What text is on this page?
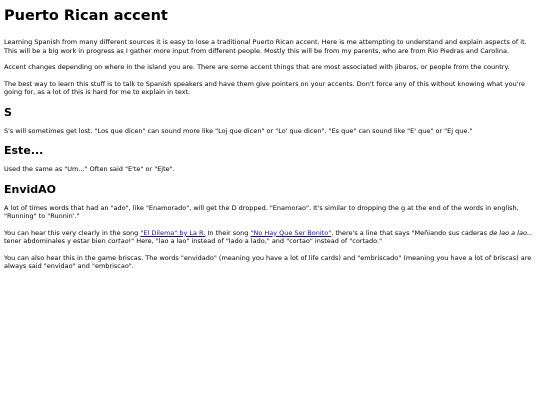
Puerto Rican accent

Learning Spanish from many different sources it is easy to lose a traditional Puerto Rican accent. Here is me attempting to understand and explain aspects of it. This will be a big work in progress as I gather more input from different people. Mostly this will be from my parents, who are from Rio Piedras and Carolina.

Accent changes depending on where in the island you are. There are some accent things that are most associated with jibaros, or people from the country.

The best way to learn this stuff is to talk to Spanish speakers and have them give pointers on your accents. Don't force any of this without knowing what you're going for, as a lot of this is hard for me to explain in text.

S

S's will sometimes get lost. "Los que dicen" can sound more like "Loj que dicen" or "Lo' que dicen". "Es que" can sound like "E' que" or "Ej que."

Este...

Used the same as "Um..." Often said "E'te" or "Ejte".

EnvidAO

A lot of times words that had an "ado", like "Enamorado", will get the D dropped. "Enamorao". It's similar to dropping the g at the end of the words in english, "Running" to "Runnin'."

You can hear this very clearly in the song "El Dilema" by La R. In their song "No Hay Que Ser Bonito", there's a line that says "Meñiando sus caderas de lao a lao... tener abdominales y estar bien cortao!" Here, "lao a lao" instead of "lado a lado," and "cortao" instead of "cortado."

You can also hear this in the game briscas. The words "envidado" (meaning you have a lot of life cards) and "embriscado" (meaning you have a lot of briscas) are always said "envidao" and "embriscao".
